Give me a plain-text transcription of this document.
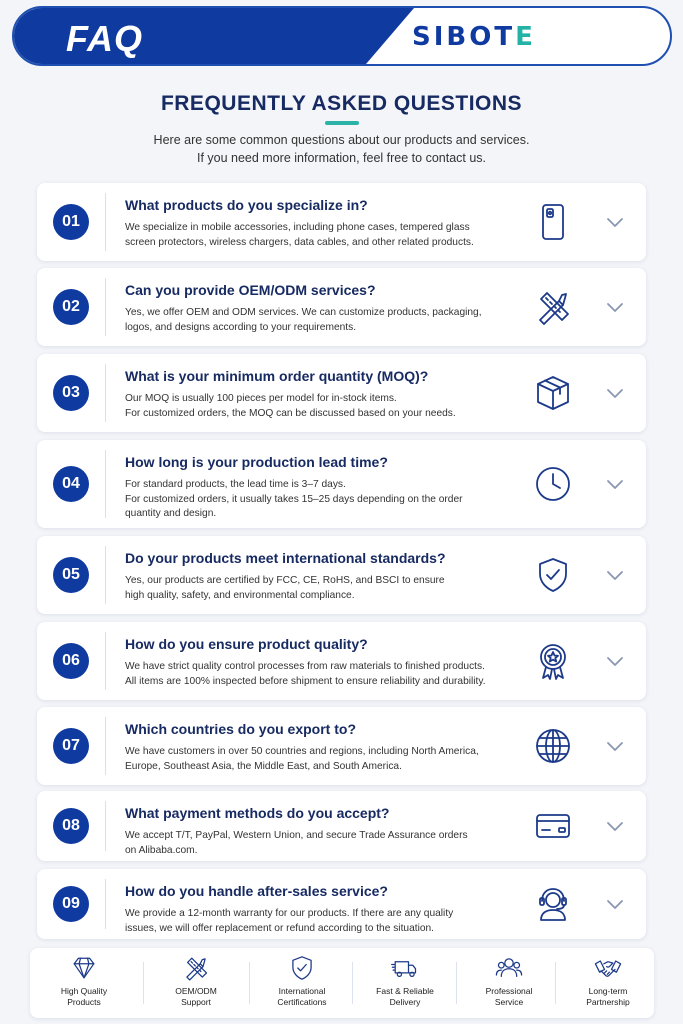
FAQ	SIBOTE
FREQUENTLY ASKED QUESTIONS
Here are some common questions about our products and services.
If you need more information, feel free to contact us.
01
What products do you specialize in?
We specialize in mobile accessories, including phone cases, tempered glass
screen protectors, wireless chargers, data cables, and other related products.
02
Can you provide OEM/ODM services?
Yes, we offer OEM and ODM services. We can customize products, packaging,
logos, and designs according to your requirements.
03
What is your minimum order quantity (MOQ)?
Our MOQ is usually 100 pieces per model for in-stock items.
For customized orders, the MOQ can be discussed based on your needs.
04
How long is your production lead time?
For standard products, the lead time is 3–7 days.
For customized orders, it usually takes 15–25 days depending on the order
quantity and design.
05
Do your products meet international standards?
Yes, our products are certified by FCC, CE, RoHS, and BSCI to ensure
high quality, safety, and environmental compliance.
06
How do you ensure product quality?
We have strict quality control processes from raw materials to finished products.
All items are 100% inspected before shipment to ensure reliability and durability.
07
Which countries do you export to?
We have customers in over 50 countries and regions, including North America,
Europe, Southeast Asia, the Middle East, and South America.
08
What payment methods do you accept?
We accept T/T, PayPal, Western Union, and secure Trade Assurance orders
on Alibaba.com.
09
How do you handle after-sales service?
We provide a 12-month warranty for our products. If there are any quality
issues, we will offer replacement or refund according to the situation.
High Quality
Products
OEM/ODM
Support
International
Certifications
Fast & Reliable
Delivery
Professional
Service
Long-term
Partnership
